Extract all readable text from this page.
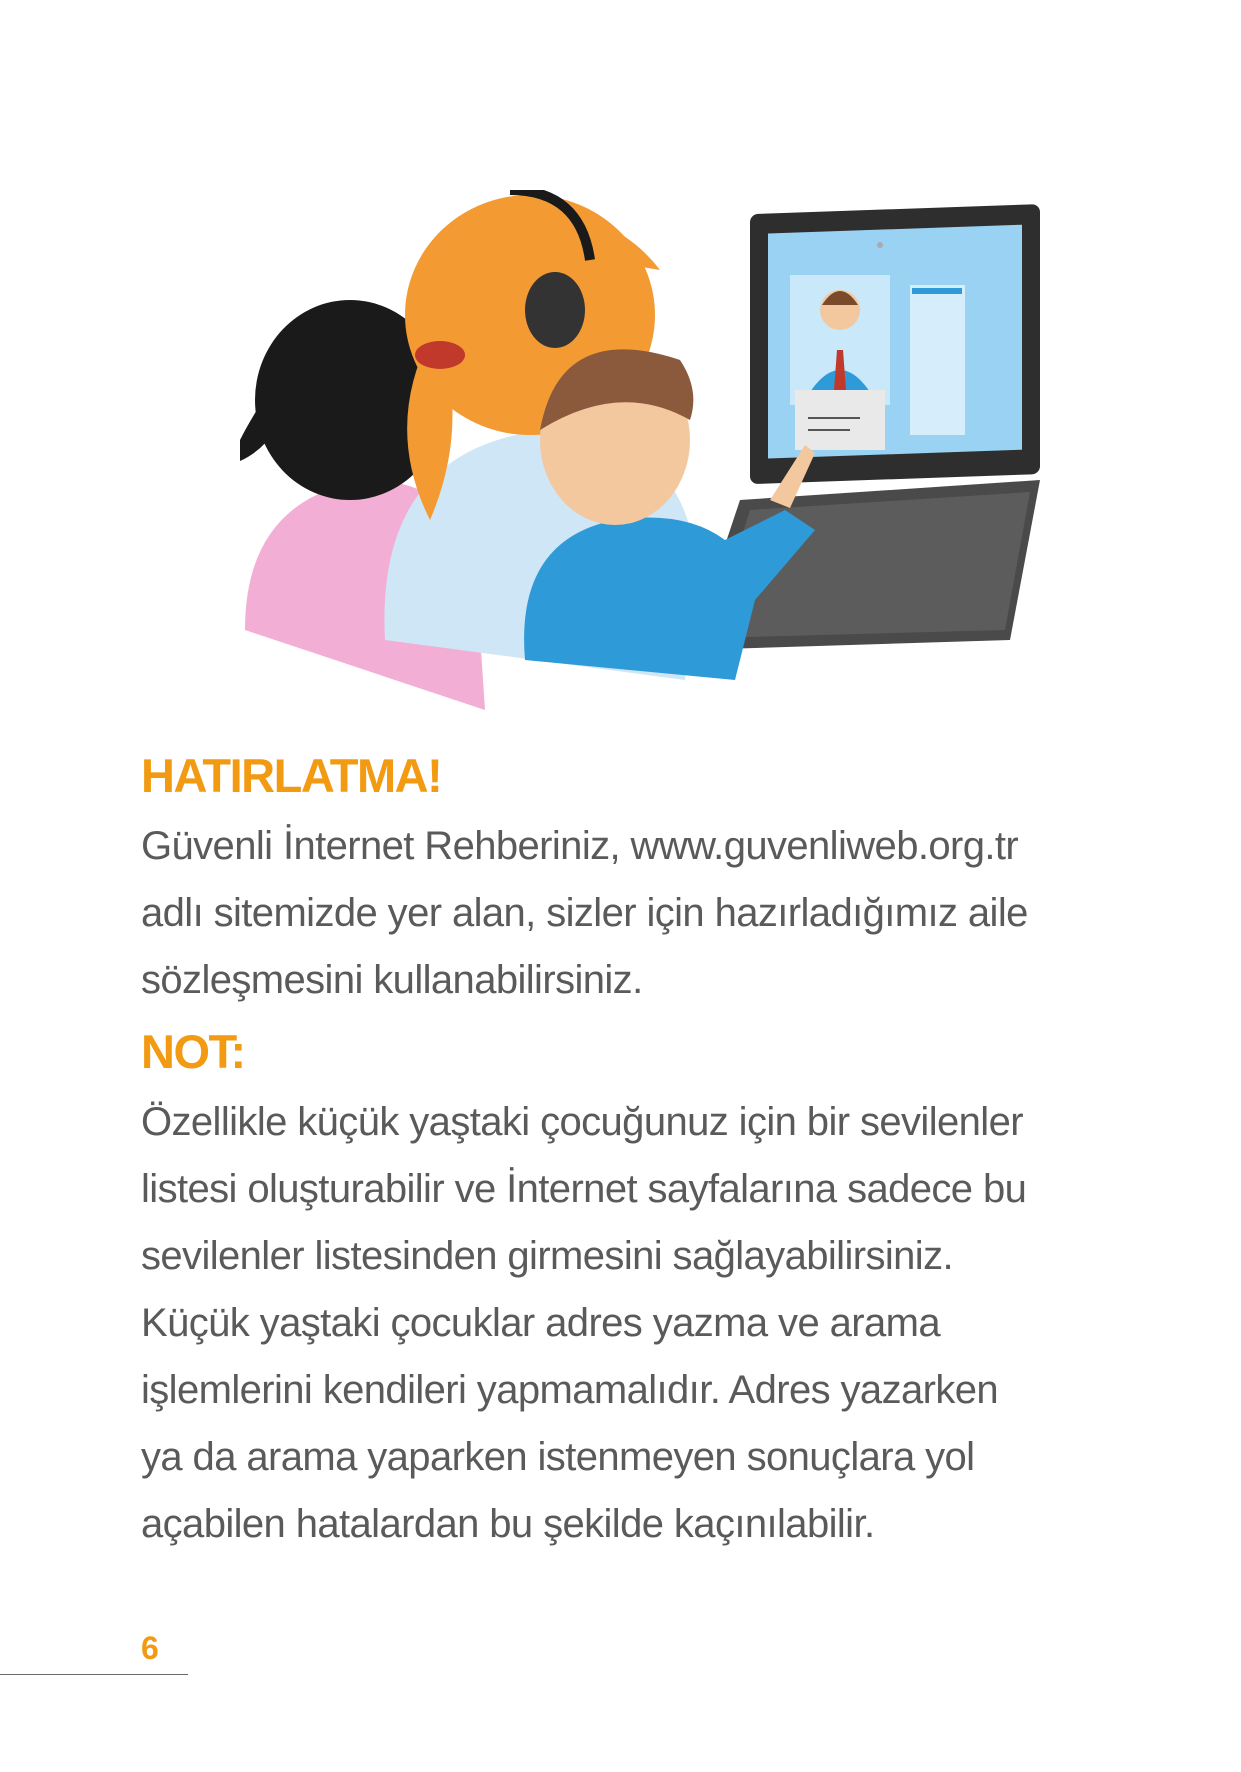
HATIRLATMA!

Güvenli İnternet Rehberiniz, www.guvenliweb.org.tr

adlı sitemizde yer alan, sizler için hazırladığımız aile

sözleşmesini kullanabilirsiniz.

NOT:

Özellikle küçük yaştaki çocuğunuz için bir sevilenler

listesi oluşturabilir ve İnternet sayfalarına sadece bu

sevilenler listesinden girmesini sağlayabilirsiniz.

Küçük yaştaki çocuklar adres yazma ve arama

işlemlerini kendileri yapmamalıdır. Adres yazarken

ya da arama yaparken istenmeyen sonuçlara yol

açabilen hatalardan bu şekilde kaçınılabilir.

6
